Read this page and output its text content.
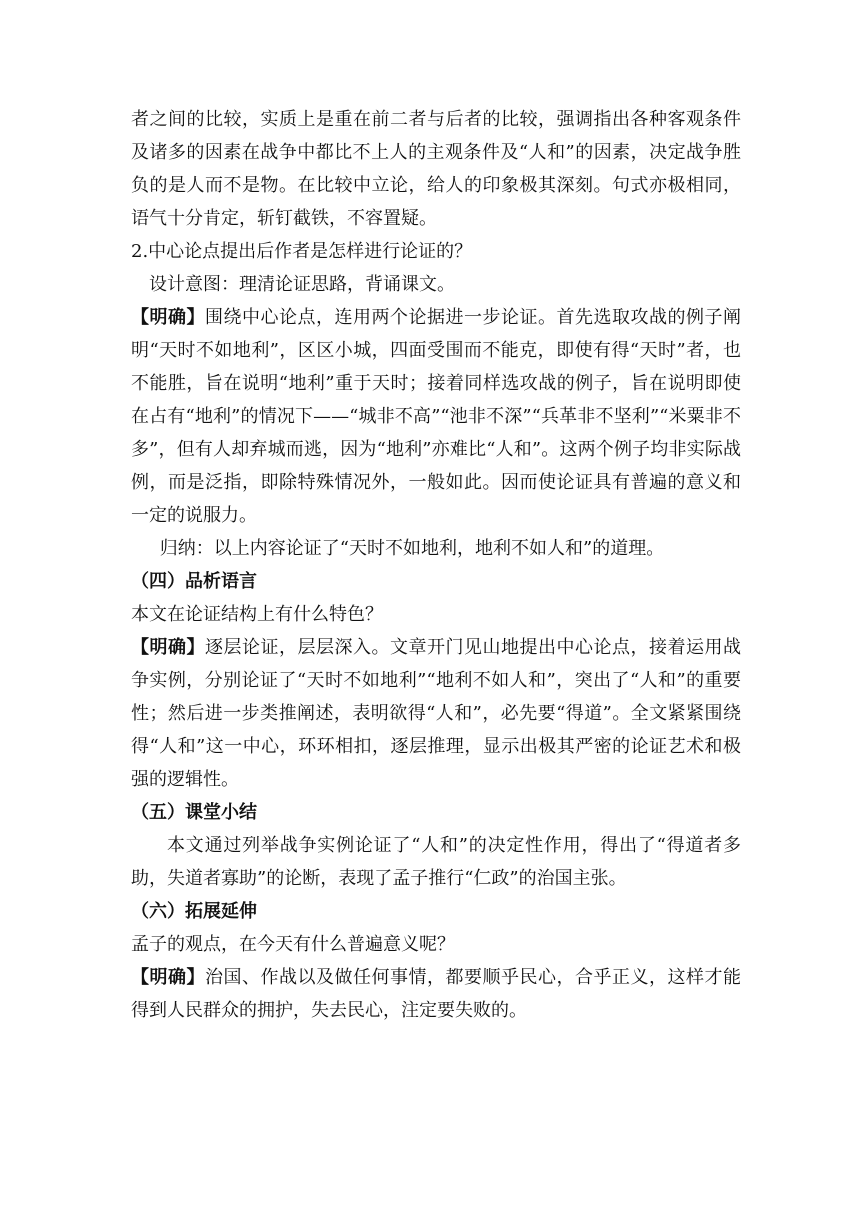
者之间的比较，实质上是重在前二者与后者的比较，强调指出各种客观条件及诸多的因素在战争中都比不上人的主观条件及“人和”的因素，决定战争胜负的是人而不是物。在比较中立论，给人的印象极其深刻。句式亦极相同，语气十分肯定，斩钉截铁，不容置疑。

2.中心论点提出后作者是怎样进行论证的？

设计意图：理清论证思路，背诵课文。

【明确】围绕中心论点，连用两个论据进一步论证。首先选取攻战的例子阐明“天时不如地利”，区区小城，四面受围而不能克，即使有得“天时”者，也不能胜，旨在说明“地利”重于天时；接着同样选攻战的例子，旨在说明即使在占有“地利”的情况下——“城非不高”“池非不深”“兵革非不坚利”“米粟非不多”，但有人却弃城而逃，因为“地利”亦难比“人和”。这两个例子均非实际战例，而是泛指，即除特殊情况外，一般如此。因而使论证具有普遍的意义和一定的说服力。

归纳：以上内容论证了“天时不如地利，地利不如人和”的道理。

（四）品析语言

本文在论证结构上有什么特色？

【明确】逐层论证，层层深入。文章开门见山地提出中心论点，接着运用战争实例，分别论证了“天时不如地利”“地利不如人和”，突出了“人和”的重要性；然后进一步类推阐述，表明欲得“人和”，必先要“得道”。全文紧紧围绕得“人和”这一中心，环环相扣，逐层推理，显示出极其严密的论证艺术和极强的逻辑性。

（五）课堂小结

本文通过列举战争实例论证了“人和”的决定性作用，得出了“得道者多助，失道者寡助”的论断，表现了孟子推行“仁政”的治国主张。

（六）拓展延伸

孟子的观点，在今天有什么普遍意义呢？

【明确】治国、作战以及做任何事情，都要顺乎民心，合乎正义，这样才能得到人民群众的拥护，失去民心，注定要失败的。
